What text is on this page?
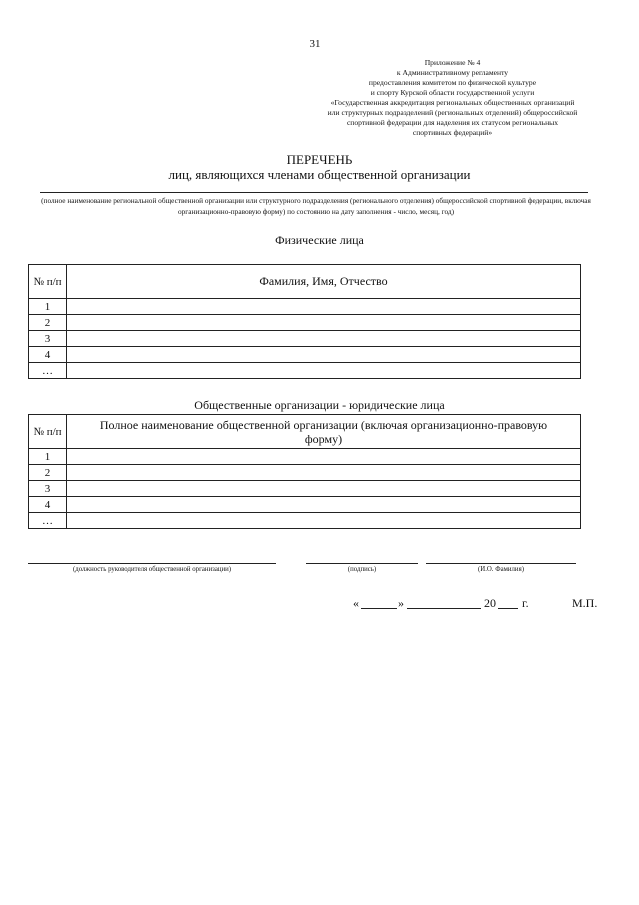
31
Приложение № 4
к Административному регламенту
предоставления комитетом по физической культуре
и спорту Курской области государственной услуги
«Государственная аккредитация региональных общественных организаций
или структурных подразделений (региональных отделений) общероссийской
спортивной федерации для наделения их статусом региональных
спортивных федераций»
ПЕРЕЧЕНЬ
лиц, являющихся членами общественной организации
(полное наименование региональной общественной организации или структурного подразделения (регионального отделения) общероссийской спортивной федерации, включая организационно-правовую форму) по состоянию на дату заполнения - число, месяц, год)
Физические лица
№ п/п	Фамилия, Имя, Отчество
1	
2	
3	
4	
…	
Общественные организации - юридические лица
№ п/п	Полное наименование общественной организации (включая организационно-правовую форму)
1	
2	
3	
4	
…	
(должность руководителя общественной организации)	(подпись)	(И.О. Фамилия)
«	»	20 г.	М.П.
